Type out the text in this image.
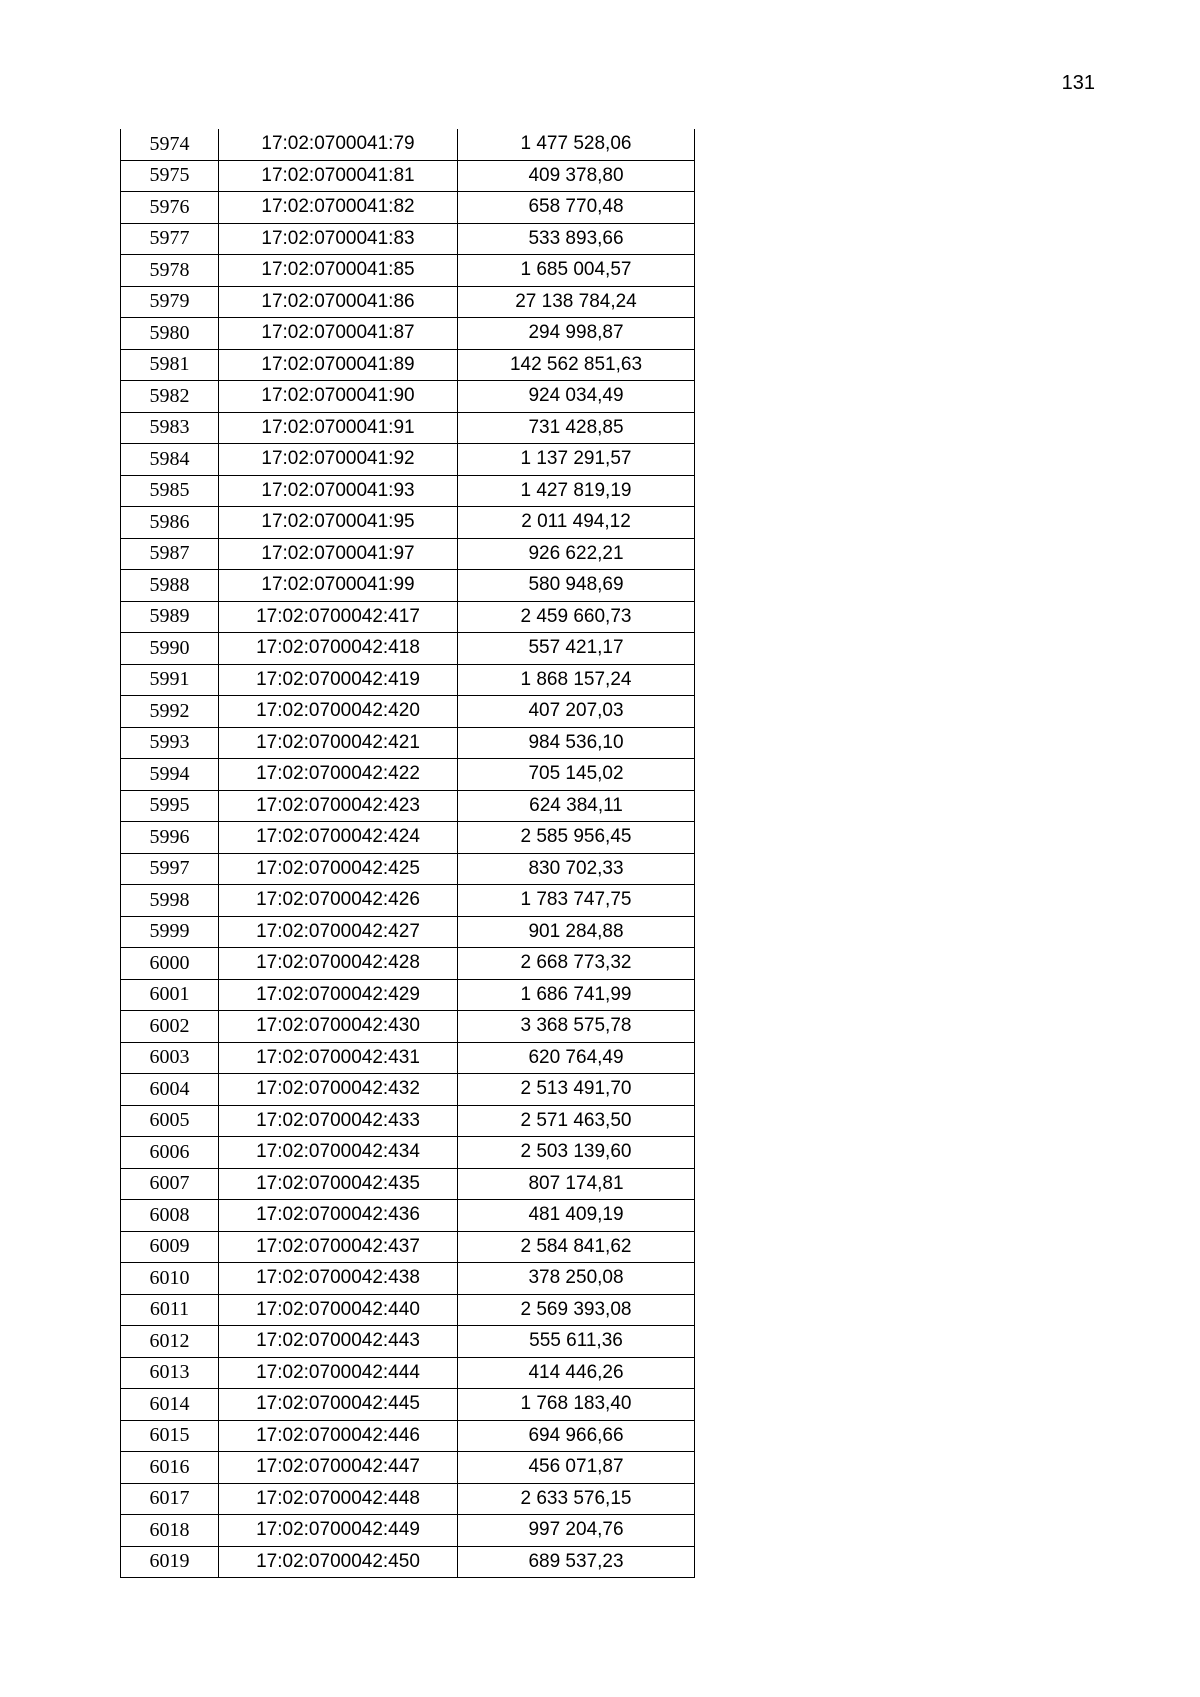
131
5974	17:02:0700041:79	1 477 528,06
5975	17:02:0700041:81	409 378,80
5976	17:02:0700041:82	658 770,48
5977	17:02:0700041:83	533 893,66
5978	17:02:0700041:85	1 685 004,57
5979	17:02:0700041:86	27 138 784,24
5980	17:02:0700041:87	294 998,87
5981	17:02:0700041:89	142 562 851,63
5982	17:02:0700041:90	924 034,49
5983	17:02:0700041:91	731 428,85
5984	17:02:0700041:92	1 137 291,57
5985	17:02:0700041:93	1 427 819,19
5986	17:02:0700041:95	2 011 494,12
5987	17:02:0700041:97	926 622,21
5988	17:02:0700041:99	580 948,69
5989	17:02:0700042:417	2 459 660,73
5990	17:02:0700042:418	557 421,17
5991	17:02:0700042:419	1 868 157,24
5992	17:02:0700042:420	407 207,03
5993	17:02:0700042:421	984 536,10
5994	17:02:0700042:422	705 145,02
5995	17:02:0700042:423	624 384,11
5996	17:02:0700042:424	2 585 956,45
5997	17:02:0700042:425	830 702,33
5998	17:02:0700042:426	1 783 747,75
5999	17:02:0700042:427	901 284,88
6000	17:02:0700042:428	2 668 773,32
6001	17:02:0700042:429	1 686 741,99
6002	17:02:0700042:430	3 368 575,78
6003	17:02:0700042:431	620 764,49
6004	17:02:0700042:432	2 513 491,70
6005	17:02:0700042:433	2 571 463,50
6006	17:02:0700042:434	2 503 139,60
6007	17:02:0700042:435	807 174,81
6008	17:02:0700042:436	481 409,19
6009	17:02:0700042:437	2 584 841,62
6010	17:02:0700042:438	378 250,08
6011	17:02:0700042:440	2 569 393,08
6012	17:02:0700042:443	555 611,36
6013	17:02:0700042:444	414 446,26
6014	17:02:0700042:445	1 768 183,40
6015	17:02:0700042:446	694 966,66
6016	17:02:0700042:447	456 071,87
6017	17:02:0700042:448	2 633 576,15
6018	17:02:0700042:449	997 204,76
6019	17:02:0700042:450	689 537,23
